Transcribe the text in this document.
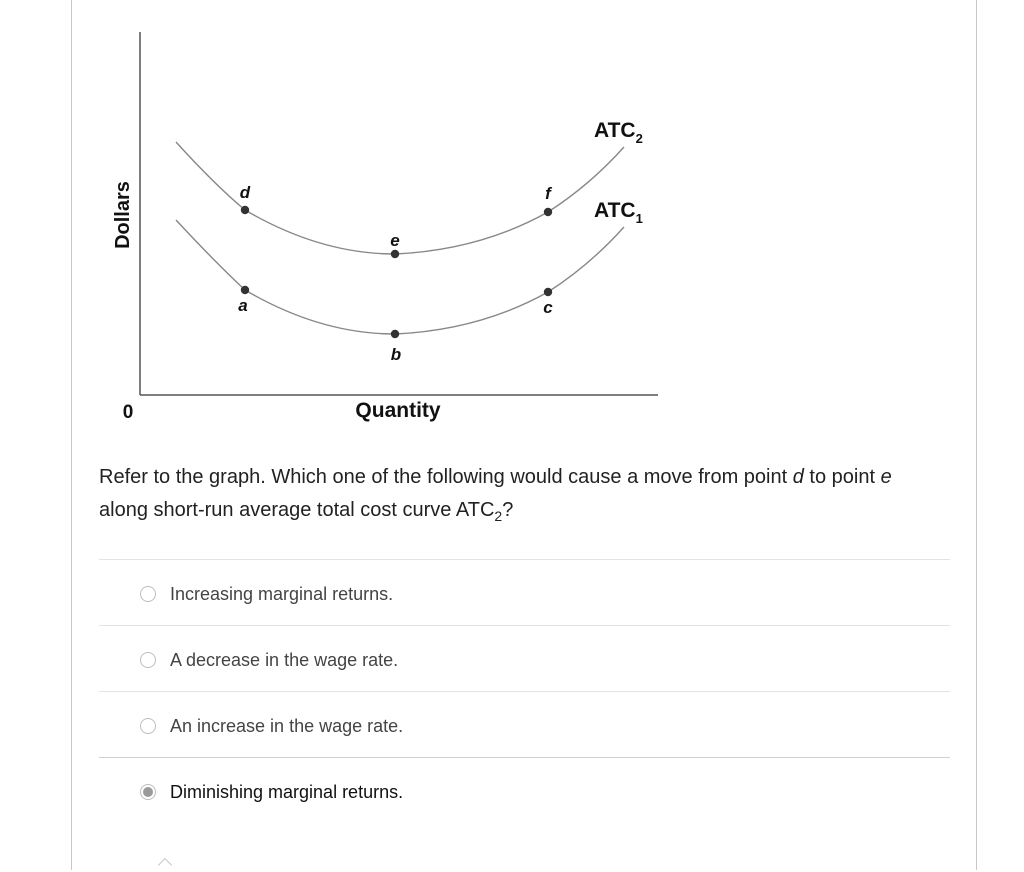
d
e
f
a
b
c
$ATC_2$
$ATC_1$
Dollars
Quantity
0
Refer to the graph. Which one of the following would cause a move from point d to point e along short-run average total cost curve $ATC_2$?
Increasing marginal returns.
A decrease in the wage rate.
An increase in the wage rate.
Diminishing marginal returns.
